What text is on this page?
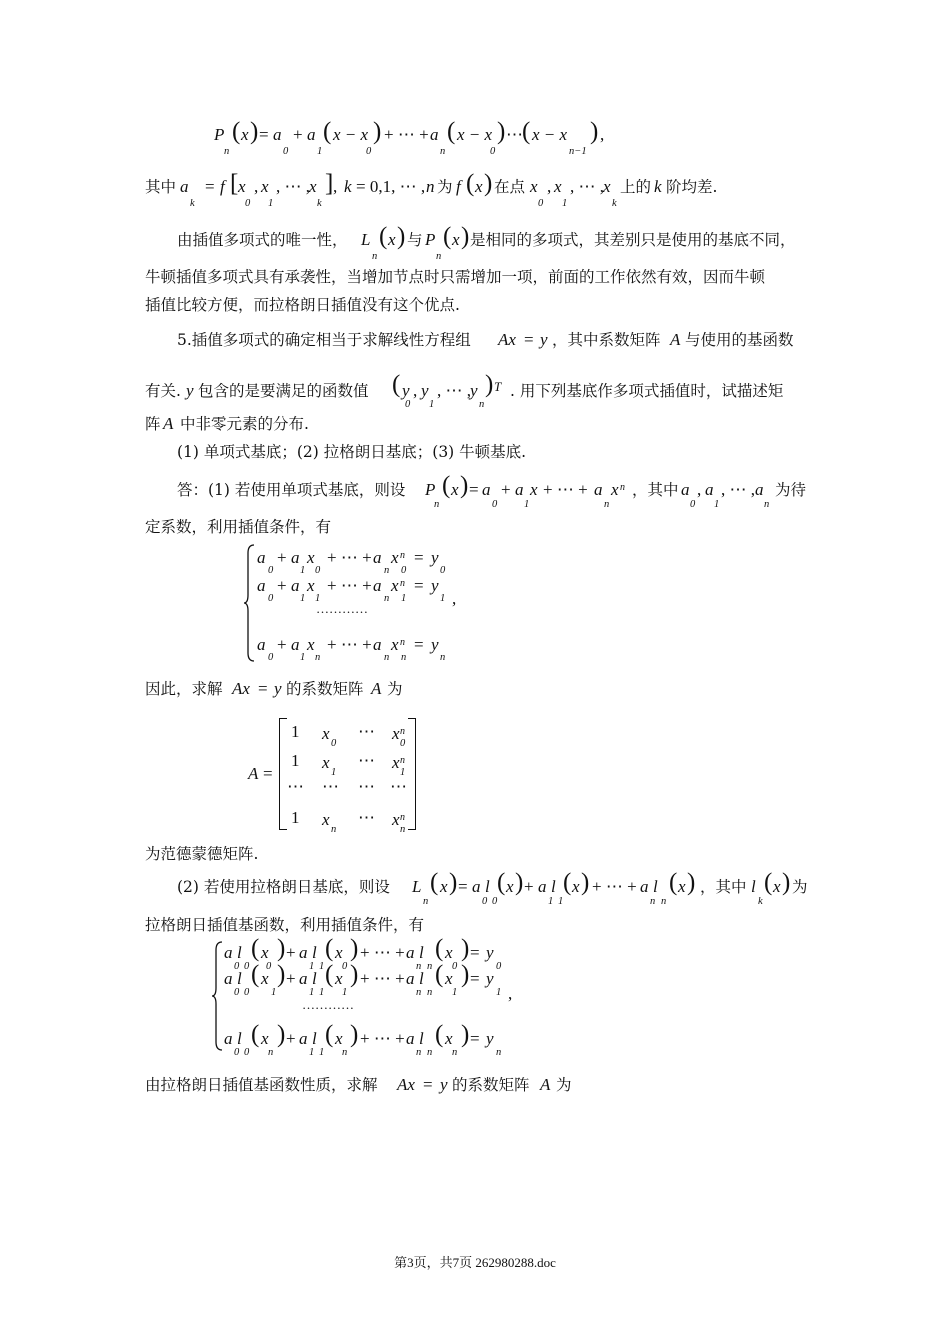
P
n
( x ) = a
0
+ a
1
( x − x
0
) + ⋯ + a
n
( x − x
0
) ⋯ ( x − x
n−1
) ,
其中 a
k
= f [ x
0
, x
1
, ⋯ , x
k
] , k = 0,1, ⋯ , n 为 f ( x ) 在点 x
0
, x
1
, ⋯ , x
k
上的 k 阶均差.
由插值多项式的唯一性， L
n
( x ) 与 P
n
( x ) 是相同的多项式，其差别只是使用的基底不同，
牛顿插值多项式具有承袭性，当增加节点时只需增加一项，前面的工作依然有效，因而牛顿
插值比较方便，而拉格朗日插值没有这个优点.
5.插值多项式的确定相当于求解线性方程组 Ax = y ，其中系数矩阵 A 与使用的基函数
有关. y 包含的是要满足的函数值 ( y
0
, y
1
, ⋯ , y
n
) T . 用下列基底作多项式插值时，试描述矩
阵 A 中非零元素的分布.
(1) 单项式基底；(2) 拉格朗日基底；(3) 牛顿基底.
答：(1) 若使用单项式基底，则设 P
n
( x ) = a
0
+ a
1
x + ⋯ + a
n
x n ，其中 a
0
, a
1
, ⋯ , a
n
为待
定系数，利用插值条件，有
a
0
+ a
1
x
0
+ ⋯ + a
n
x n
0
= y
0
a
0
+ a
1
x
1
+ ⋯ + a
n
x n
1
= y
1 ,
…………
a
0
+ a
1
x
n
+ ⋯ + a
n
x n
n
= y
n
因此，求解 Ax = y 的系数矩阵 A 为
A =
1 x
0
⋯ x n
0
1 x
1
⋯ x n
1
⋯ ⋯ ⋯ ⋯
1 x
n
⋯ x n
n
为范德蒙德矩阵.
(2) 若使用拉格朗日基底，则设 L
n
( x ) = a l
0 0
( x ) + a l
1 1
( x ) + ⋯ + a l
n n
( x ) ，其中 l
k
( x ) 为
拉格朗日插值基函数，利用插值条件，有
a l
0 0
( x
0
) + a l
1 1
( x
0
) + ⋯ + a l
n n
( x
0
) = y
0
a l
0 0
( x
1
) + a l
1 1
( x
1
) + ⋯ + a l
n n
( x
1
) = y
1 ,
…………
a l
0 0
( x
n
) + a l
1 1
( x
n
) + ⋯ + a l
n n
( x
n
) = y
n
由拉格朗日插值基函数性质，求解 Ax = y 的系数矩阵 A 为
第3页，共7页 262980288.doc
